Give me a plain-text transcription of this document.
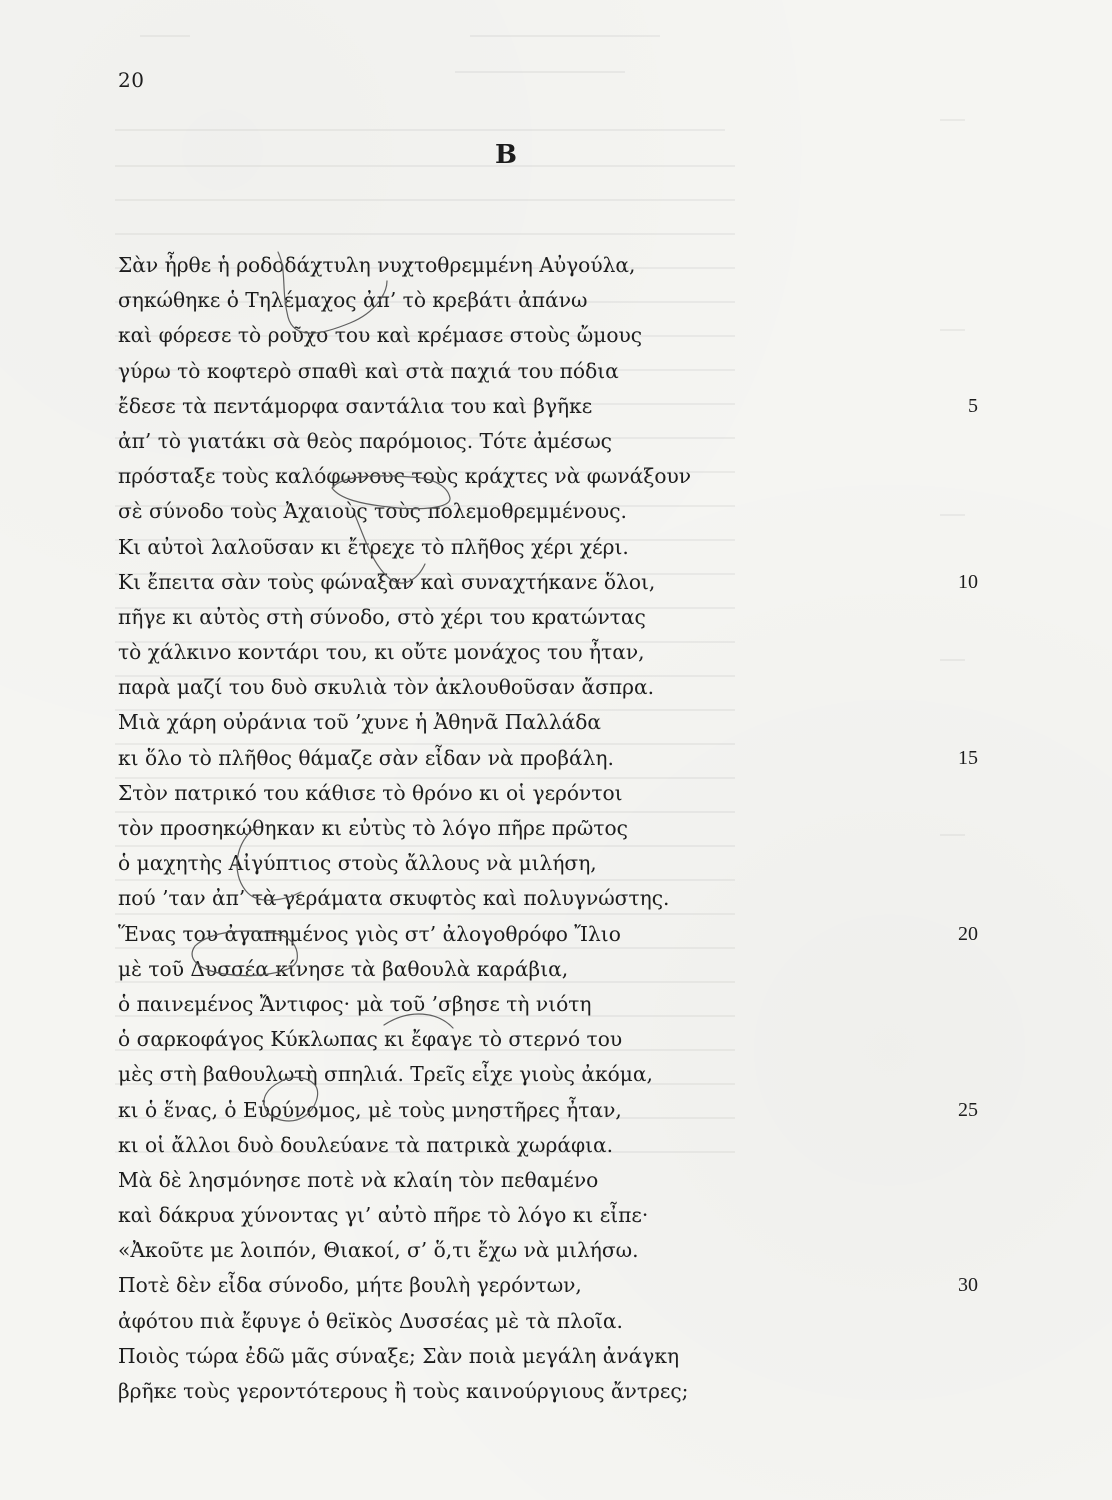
20
B
Σὰν ἦρθε ἡ ροδοδάχτυλη νυχτοθρεμμένη Αὐγούλα,
σηκώθηκε ὁ Τηλέμαχος ἀπ’ τὸ κρεβάτι ἀπάνω
καὶ φόρεσε τὸ ροῦχο του καὶ κρέμασε στοὺς ὤμους
γύρω τὸ κοφτερὸ σπαθὶ καὶ στὰ παχιά του πόδια
ἔδεσε τὰ πεντάμορφα σαντάλια του καὶ βγῆκε	5
ἀπ’ τὸ γιατάκι σὰ θεὸς παρόμοιος. Τότε ἀμέσως
πρόσταξε τοὺς καλόφωνους τοὺς κράχτες νὰ φωνάξουν
σὲ σύνοδο τοὺς Ἀχαιοὺς τοὺς πολεμοθρεμμένους.
Κι αὐτοὶ λαλοῦσαν κι ἔτρεχε τὸ πλῆθος χέρι χέρι.
Κι ἔπειτα σὰν τοὺς φώναξαν καὶ συναχτήκανε ὅλοι,	10
πῆγε κι αὐτὸς στὴ σύνοδο, στὸ χέρι του κρατώντας
τὸ χάλκινο κοντάρι του, κι οὔτε μονάχος του ἦταν,
παρὰ μαζί του δυὸ σκυλιὰ τὸν ἀκλουθοῦσαν ἄσπρα.
Μιὰ χάρη οὐράνια τοῦ ’χυνε ἡ Ἀθηνᾶ Παλλάδα
κι ὅλο τὸ πλῆθος θάμαζε σὰν εἶδαν νὰ προβάλη.	15
Στὸν πατρικό του κάθισε τὸ θρόνο κι οἱ γερόντοι
τὸν προσηκώθηκαν κι εὐτὺς τὸ λόγο πῆρε πρῶτος
ὁ μαχητὴς Αἰγύπτιος στοὺς ἄλλους νὰ μιλήση,
πού ’ταν ἀπ’ τὰ γεράματα σκυφτὸς καὶ πολυγνώστης.
Ἕνας του ἀγαπημένος γιὸς στ’ ἀλογοθρόφο Ἴλιο	20
μὲ τοῦ Δυσσέα κίνησε τὰ βαθουλὰ καράβια,
ὁ παινεμένος Ἄντιφος· μὰ τοῦ ’σβησε τὴ νιότη
ὁ σαρκοφάγος Κύκλωπας κι ἔφαγε τὸ στερνό του
μὲς στὴ βαθουλωτὴ σπηλιά. Τρεῖς εἶχε γιοὺς ἀκόμα,
κι ὁ ἕνας, ὁ Εὐρύνομος, μὲ τοὺς μνηστῆρες ἦταν,	25
κι οἱ ἄλλοι δυὸ δουλεύανε τὰ πατρικὰ χωράφια.
Μὰ δὲ λησμόνησε ποτὲ νὰ κλαίη τὸν πεθαμένο
καὶ δάκρυα χύνοντας γι’ αὐτὸ πῆρε τὸ λόγο κι εἶπε·
«Ἀκοῦτε με λοιπόν, Θιακοί, σ’ ὅ,τι ἔχω νὰ μιλήσω.
Ποτὲ δὲν εἶδα σύνοδο, μήτε βουλὴ γερόντων,	30
ἀφότου πιὰ ἔφυγε ὁ θεϊκὸς Δυσσέας μὲ τὰ πλοῖα.
Ποιὸς τώρα ἐδῶ μᾶς σύναξε; Σὰν ποιὰ μεγάλη ἀνάγκη
βρῆκε τοὺς γεροντότερους ἢ τοὺς καινούργιους ἄντρες;
